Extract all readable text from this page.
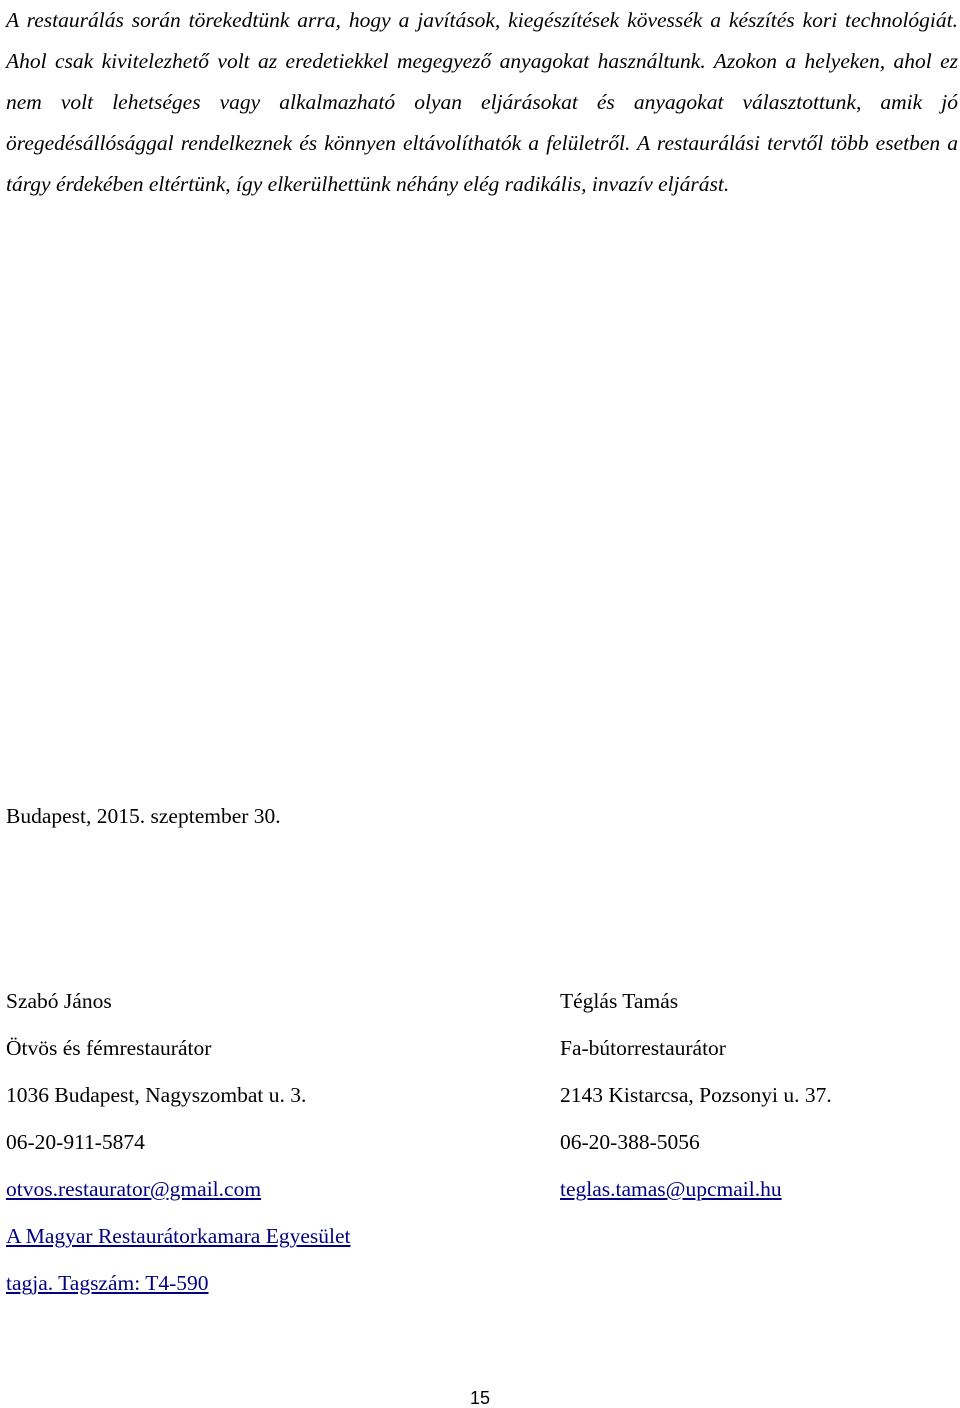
A restaurálás során törekedtünk arra, hogy a javítások, kiegészítések kövessék a készítés kori technológiát. Ahol csak kivitelezhető volt az eredetiekkel megegyező anyagokat használtunk. Azokon a helyeken, ahol ez nem volt lehetséges vagy alkalmazható olyan eljárásokat és anyagokat választottunk, amik jó öregedésállósággal rendelkeznek és könnyen eltávolíthatók a felületről. A restaurálási tervtől több esetben a tárgy érdekében eltértünk, így elkerülhettünk néhány elég radikális, invazív eljárást.

Budapest, 2015. szeptember 30.

Szabó János
Ötvös és fémrestaurátor
1036 Budapest, Nagyszombat u. 3.
06-20-911-5874
otvos.restaurator@gmail.com
A Magyar Restaurátorkamara Egyesület
tagja. Tagszám: T4-590
Téglás Tamás
Fa-bútorrestaurátor
2143 Kistarcsa, Pozsonyi u. 37.
06-20-388-5056
teglas.tamas@upcmail.hu
15
